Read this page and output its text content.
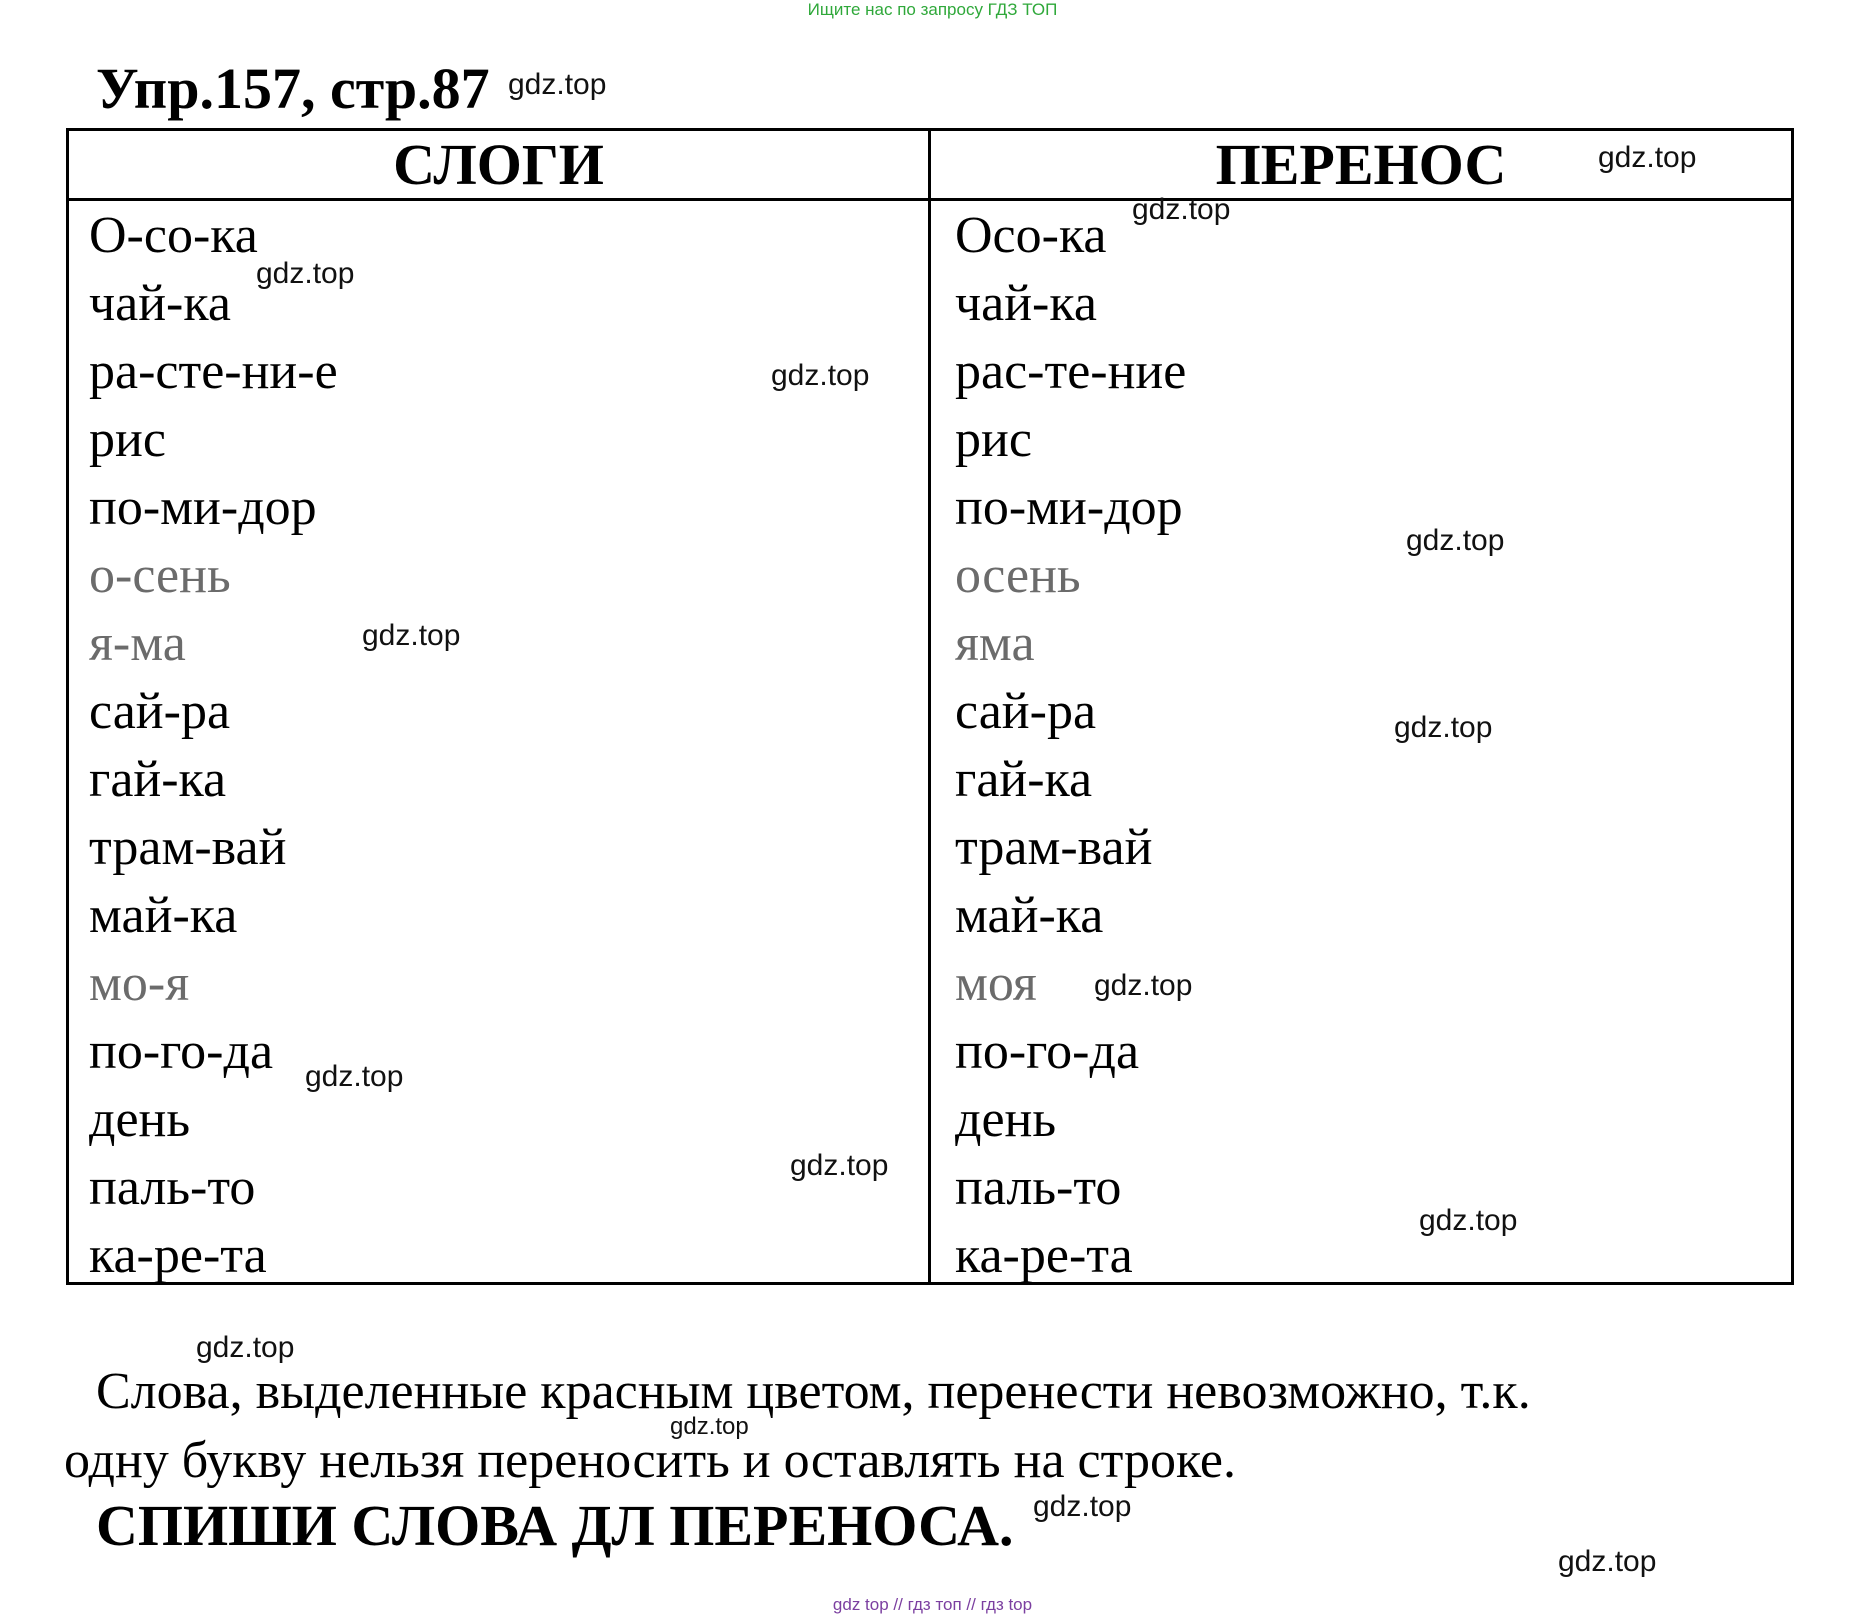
Ищите нас по запросу ГДЗ ТОП
Упр.157, стр.87 gdz.top
СЛОГИ	ПЕРЕНОС
О-со-ка
чай-ка
ра-сте-ни-е
рис
по-ми-дор
о-сень
я-ма
сай-ра
гай-ка
трам-вай
май-ка
мо-я
по-го-да
день
паль-то
ка-ре-та
Осо-ка
чай-ка
рас-те-ние
рис
по-ми-дор
осень
яма
сай-ра
гай-ка
трам-вай
май-ка
моя
по-го-да
день
паль-то
ка-ре-та
gdz.top
gdz.top
gdz.top
gdz.top
gdz.top
gdz.top
gdz.top
gdz.top
gdz.top
gdz.top
gdz.top
Слова, выделенные красным цветом, перенести невозможно, т.к.
gdz.top
gdz.top
одну букву нельзя переносить и оставлять на строке.
СПИШИ СЛОВА ДЛ ПЕРЕНОСА. gdz.top
gdz.top
gdz top // гдз топ // гдз top
